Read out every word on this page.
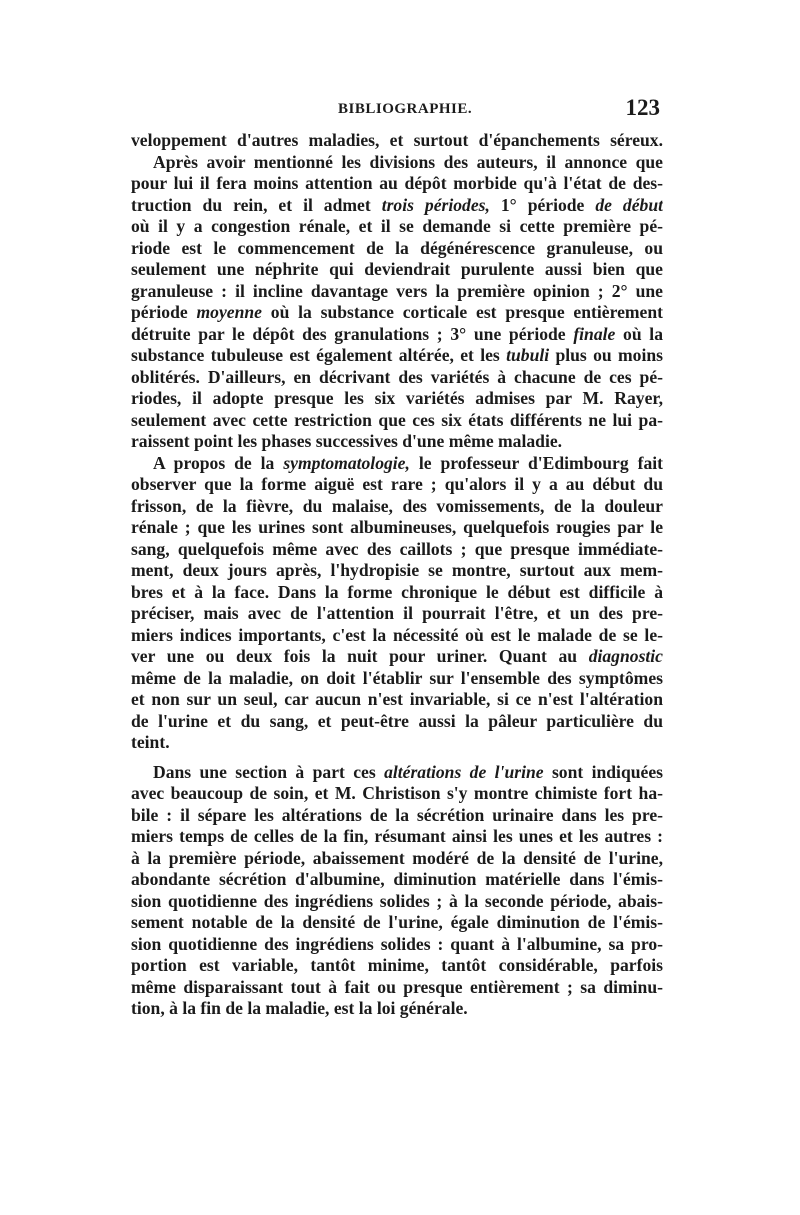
BIBLIOGRAPHIE.	123
veloppement d'autres maladies, et surtout d'épanchements séreux.
Après avoir mentionné les divisions des auteurs, il annonce que
pour lui il fera moins attention au dépôt morbide qu'à l'état de des-
truction du rein, et il admet trois périodes, 1° période de début
où il y a congestion rénale, et il se demande si cette première pé-
riode est le commencement de la dégénérescence granuleuse, ou
seulement une néphrite qui deviendrait purulente aussi bien que
granuleuse : il incline davantage vers la première opinion ; 2° une
période moyenne où la substance corticale est presque entièrement
détruite par le dépôt des granulations ; 3° une période finale où la
substance tubuleuse est également altérée, et les tubuli plus ou moins
oblitérés. D'ailleurs, en décrivant des variétés à chacune de ces pé-
riodes, il adopte presque les six variétés admises par M. Rayer,
seulement avec cette restriction que ces six états différents ne lui pa-
raissent point les phases successives d'une même maladie.
A propos de la symptomatologie, le professeur d'Edimbourg fait
observer que la forme aiguë est rare ; qu'alors il y a au début du
frisson, de la fièvre, du malaise, des vomissements, de la douleur
rénale ; que les urines sont albumineuses, quelquefois rougies par le
sang, quelquefois même avec des caillots ; que presque immédiate-
ment, deux jours après, l'hydropisie se montre, surtout aux mem-
bres et à la face. Dans la forme chronique le début est difficile à
préciser, mais avec de l'attention il pourrait l'être, et un des pre-
miers indices importants, c'est la nécessité où est le malade de se le-
ver une ou deux fois la nuit pour uriner. Quant au diagnostic
même de la maladie, on doit l'établir sur l'ensemble des symptômes
et non sur un seul, car aucun n'est invariable, si ce n'est l'altération
de l'urine et du sang, et peut-être aussi la pâleur particulière du
teint.
Dans une section à part ces altérations de l'urine sont indiquées
avec beaucoup de soin, et M. Christison s'y montre chimiste fort ha-
bile : il sépare les altérations de la sécrétion urinaire dans les pre-
miers temps de celles de la fin, résumant ainsi les unes et les autres :
à la première période, abaissement modéré de la densité de l'urine,
abondante sécrétion d'albumine, diminution matérielle dans l'émis-
sion quotidienne des ingrédiens solides ; à la seconde période, abais-
sement notable de la densité de l'urine, égale diminution de l'émis-
sion quotidienne des ingrédiens solides : quant à l'albumine, sa pro-
portion est variable, tantôt minime, tantôt considérable, parfois
même disparaissant tout à fait ou presque entièrement ; sa diminu-
tion, à la fin de la maladie, est la loi générale.
